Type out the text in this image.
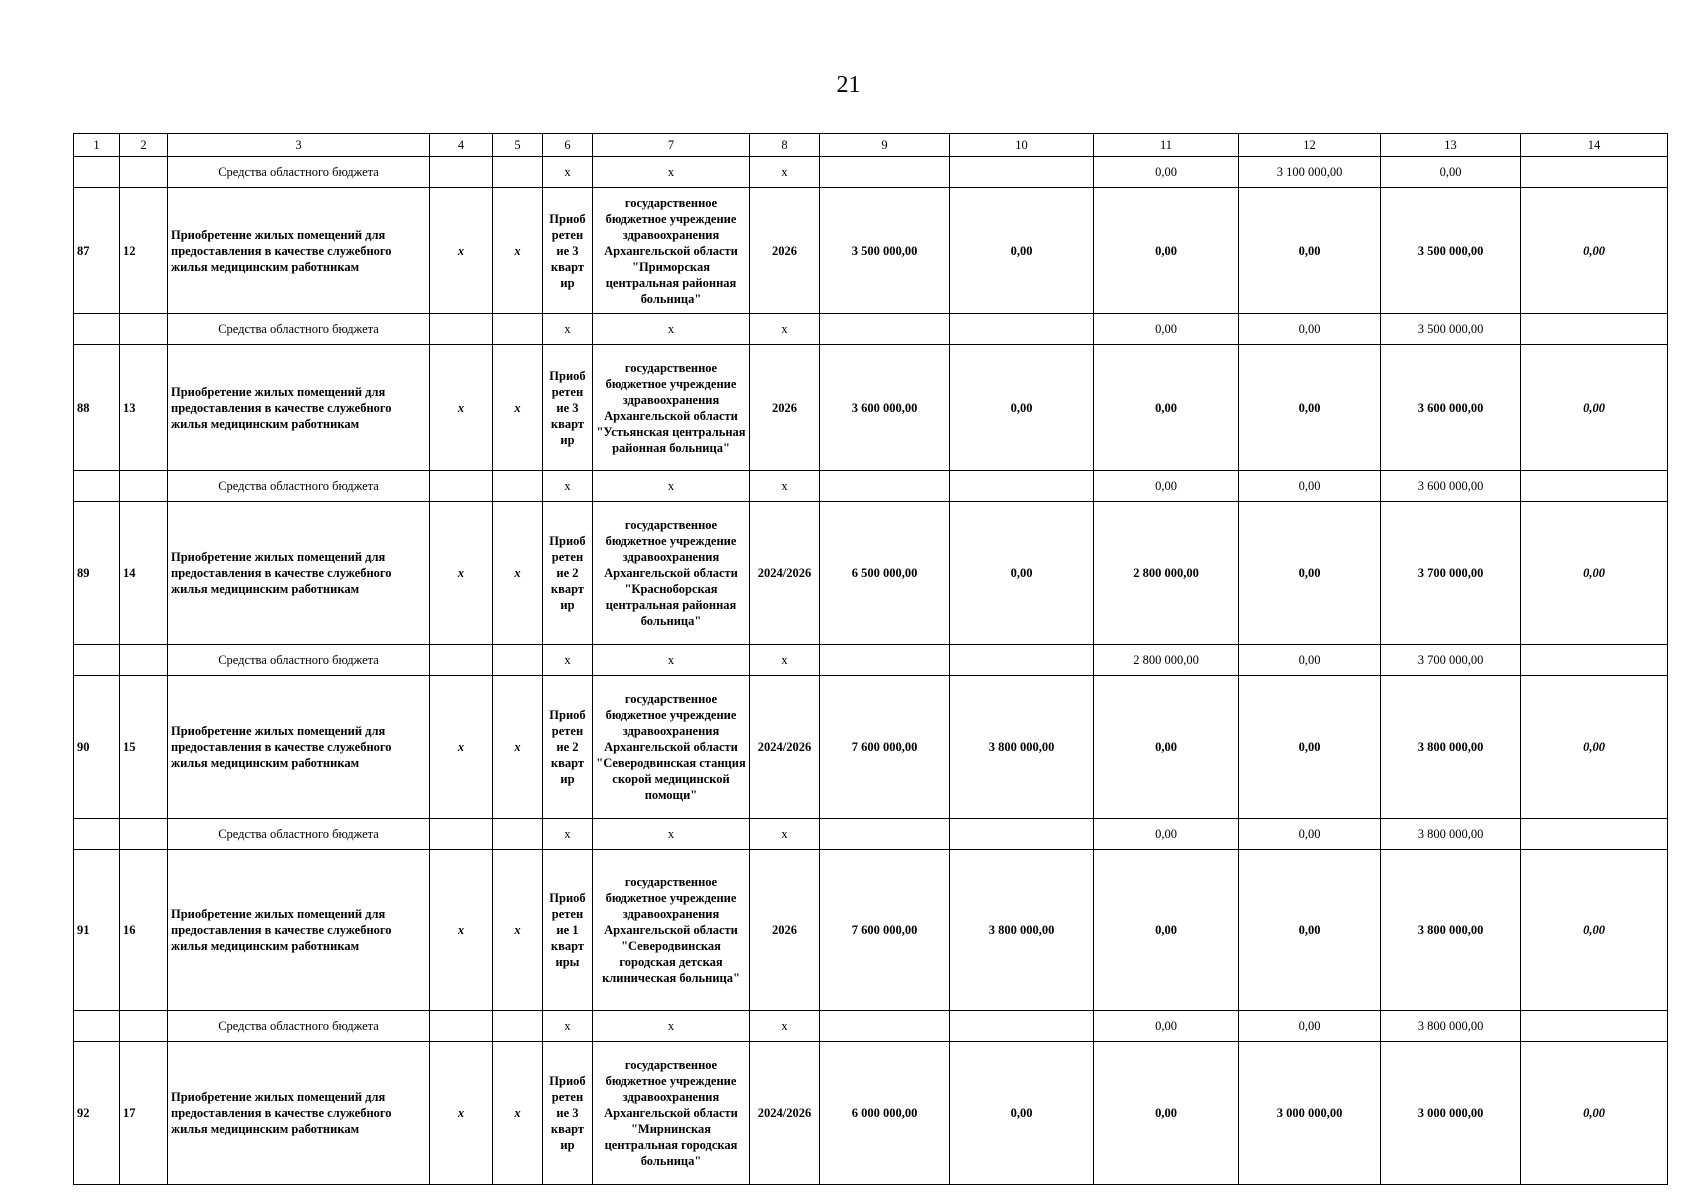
21
1	2	3	4	5	6	7	8	9	10	11	12	13	14
		Средства областного бюджета			x	x	x			0,00	3 100 000,00	0,00	
87	12	Приобретение жилых помещений для предоставления в качестве служебного жилья медицинским работникам	x	x	Приоб ретен ие 3 кварт ир	государственное бюджетное учреждение здравоохранения Архангельской области "Приморская центральная районная больница"	2026	3 500 000,00	0,00	0,00	0,00	3 500 000,00	0,00
		Средства областного бюджета			x	x	x			0,00	0,00	3 500 000,00	
88	13	Приобретение жилых помещений для предоставления в качестве служебного жилья медицинским работникам	x	x	Приоб ретен ие 3 кварт ир	государственное бюджетное учреждение здравоохранения Архангельской области "Устьянская центральная районная больница"	2026	3 600 000,00	0,00	0,00	0,00	3 600 000,00	0,00
		Средства областного бюджета			x	x	x			0,00	0,00	3 600 000,00	
89	14	Приобретение жилых помещений для предоставления в качестве служебного жилья медицинским работникам	x	x	Приоб ретен ие 2 кварт ир	государственное бюджетное учреждение здравоохранения Архангельской области "Красноборская центральная районная больница"	2024/2026	6 500 000,00	0,00	2 800 000,00	0,00	3 700 000,00	0,00
		Средства областного бюджета			x	x	x			2 800 000,00	0,00	3 700 000,00	
90	15	Приобретение жилых помещений для предоставления в качестве служебного жилья медицинским работникам	x	x	Приоб ретен ие 2 кварт ир	государственное бюджетное учреждение здравоохранения Архангельской области "Северодвинская станция скорой медицинской помощи"	2024/2026	7 600 000,00	3 800 000,00	0,00	0,00	3 800 000,00	0,00
		Средства областного бюджета			x	x	x			0,00	0,00	3 800 000,00	
91	16	Приобретение жилых помещений для предоставления в качестве служебного жилья медицинским работникам	x	x	Приоб ретен ие 1 кварт иры	государственное бюджетное учреждение здравоохранения Архангельской области "Северодвинская городская детская клиническая больница"	2026	7 600 000,00	3 800 000,00	0,00	0,00	3 800 000,00	0,00
		Средства областного бюджета			x	x	x			0,00	0,00	3 800 000,00	
92	17	Приобретение жилых помещений для предоставления в качестве служебного жилья медицинским работникам	x	x	Приоб ретен ие 3 кварт ир	государственное бюджетное учреждение здравоохранения Архангельской области "Мирнинская центральная городская больница"	2024/2026	6 000 000,00	0,00	0,00	3 000 000,00	3 000 000,00	0,00
